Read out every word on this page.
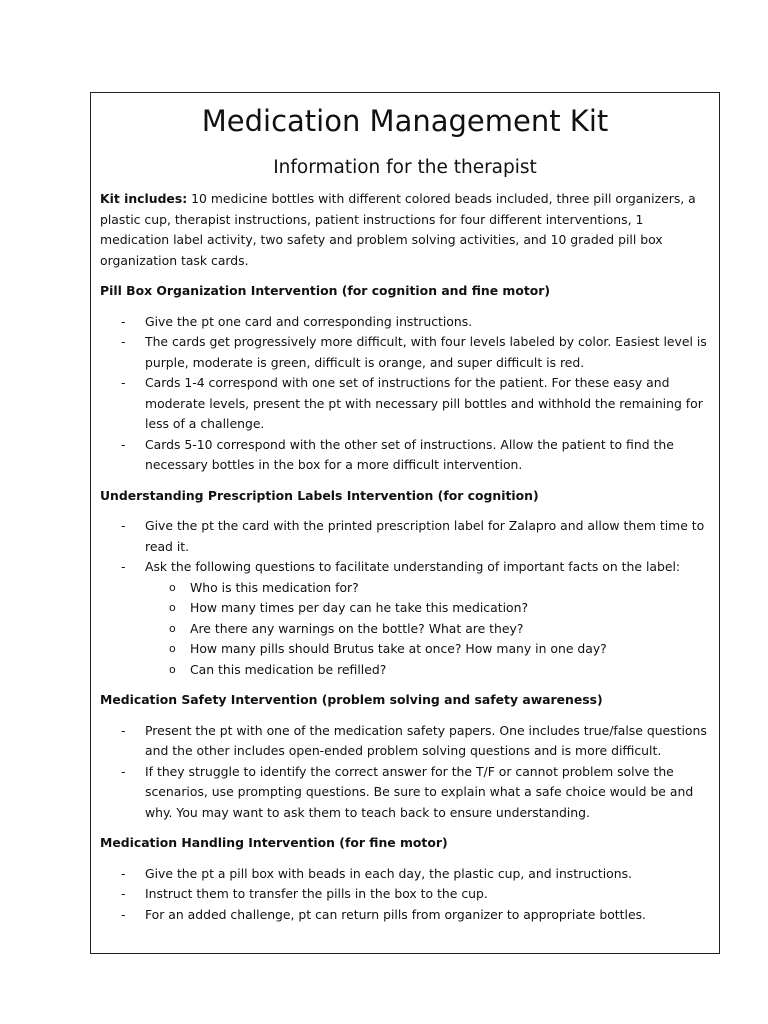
Medication Management Kit
Information for the therapist

Kit includes: 10 medicine bottles with different colored beads included, three pill organizers, a plastic cup, therapist instructions, patient instructions for four different interventions, 1 medication label activity, two safety and problem solving activities, and 10 graded pill box organization task cards.

Pill Box Organization Intervention (for cognition and fine motor)
- Give the pt one card and corresponding instructions.
- The cards get progressively more difficult, with four levels labeled by color. Easiest level is purple, moderate is green, difficult is orange, and super difficult is red.
- Cards 1-4 correspond with one set of instructions for the patient. For these easy and moderate levels, present the pt with necessary pill bottles and withhold the remaining for less of a challenge.
- Cards 5-10 correspond with the other set of instructions. Allow the patient to find the necessary bottles in the box for a more difficult intervention.
Understanding Prescription Labels Intervention (for cognition)
- Give the pt the card with the printed prescription label for Zalapro and allow them time to read it.
- Ask the following questions to facilitate understanding of important facts on the label:
o Who is this medication for?
o How many times per day can he take this medication?
o Are there any warnings on the bottle? What are they?
o How many pills should Brutus take at once? How many in one day?
o Can this medication be refilled?
Medication Safety Intervention (problem solving and safety awareness)
- Present the pt with one of the medication safety papers. One includes true/false questions and the other includes open-ended problem solving questions and is more difficult.
- If they struggle to identify the correct answer for the T/F or cannot problem solve the scenarios, use prompting questions. Be sure to explain what a safe choice would be and why. You may want to ask them to teach back to ensure understanding.
Medication Handling Intervention (for fine motor)
- Give the pt a pill box with beads in each day, the plastic cup, and instructions.
- Instruct them to transfer the pills in the box to the cup.
- For an added challenge, pt can return pills from organizer to appropriate bottles.
